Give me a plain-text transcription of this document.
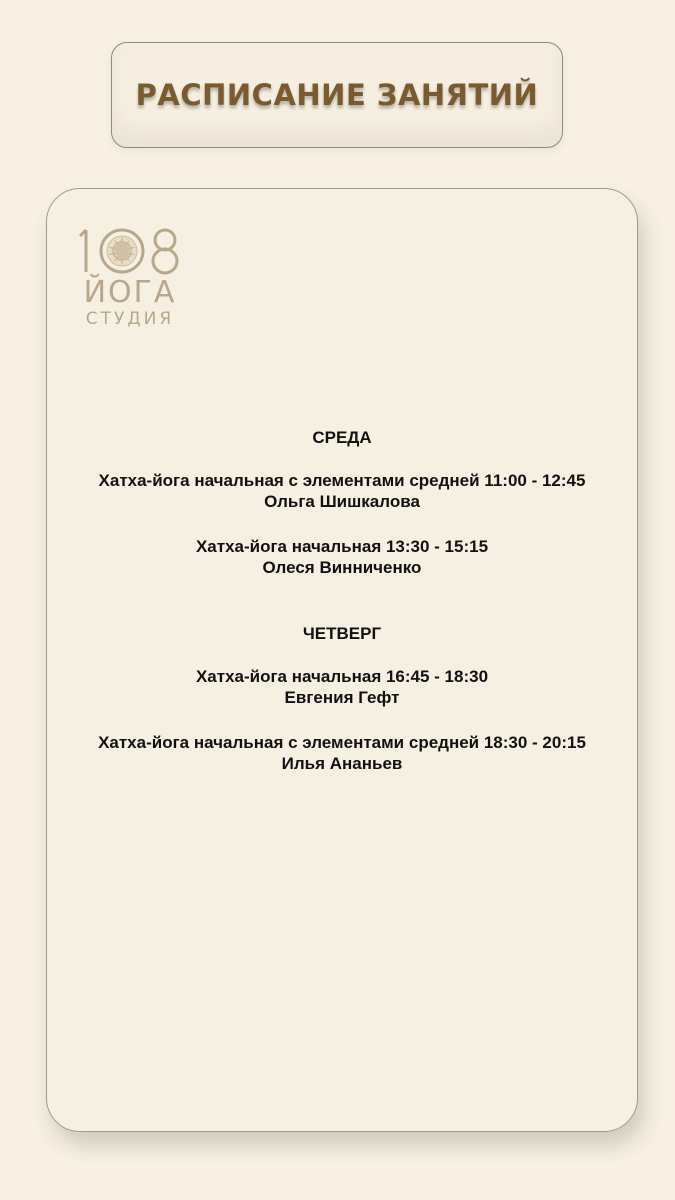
РАСПИСАНИЕ ЗАНЯТИЙ
ЙОГА
СТУДИЯ
СРЕДА
Хатха-йога начальная с элементами средней 11:00 - 12:45
Ольга Шишкалова
Хатха-йога начальная 13:30 - 15:15
Олеся Винниченко
ЧЕТВЕРГ
Хатха-йога начальная 16:45 - 18:30
Евгения Гефт
Хатха-йога начальная с элементами средней 18:30 - 20:15
Илья Ананьев
